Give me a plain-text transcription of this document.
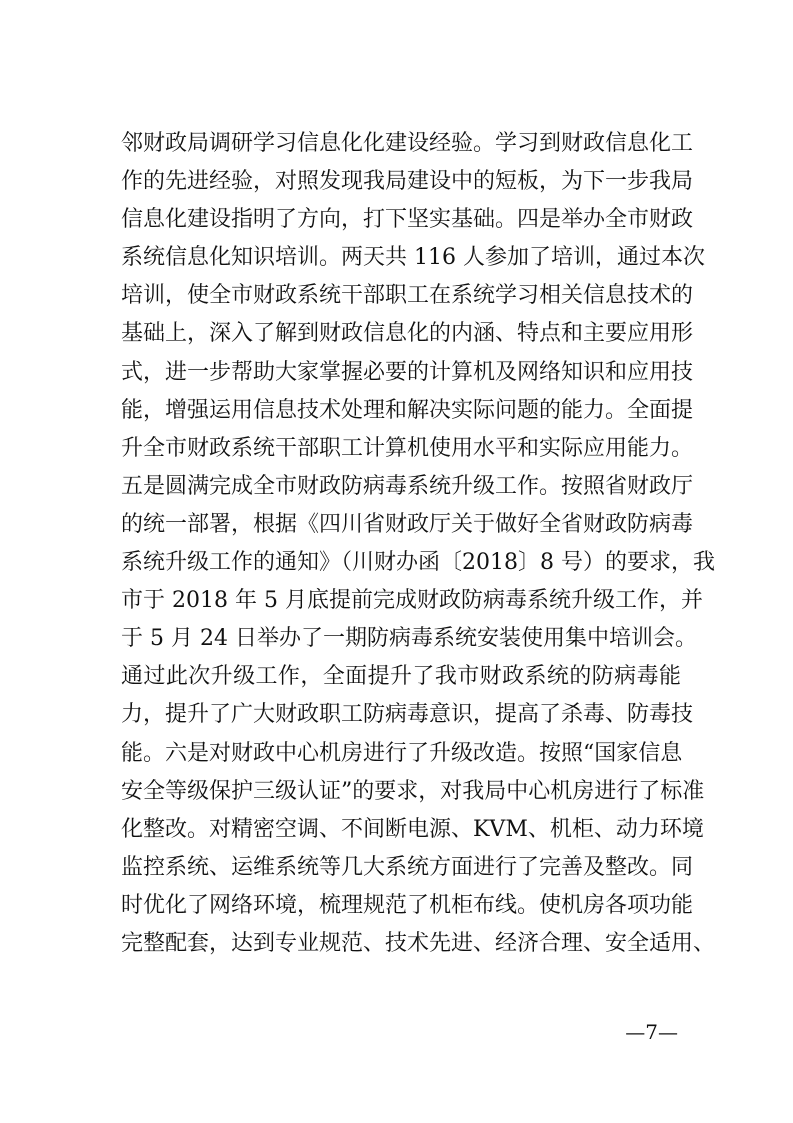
邻财政局调研学习信息化化建设经验。学习到财政信息化工
作的先进经验，对照发现我局建设中的短板，为下一步我局
信息化建设指明了方向，打下坚实基础。四是举办全市财政
系统信息化知识培训。两天共 116 人参加了培训，通过本次
培训，使全市财政系统干部职工在系统学习相关信息技术的
基础上，深入了解到财政信息化的内涵、特点和主要应用形
式，进一步帮助大家掌握必要的计算机及网络知识和应用技
能，增强运用信息技术处理和解决实际问题的能力。全面提
升全市财政系统干部职工计算机使用水平和实际应用能力。
五是圆满完成全市财政防病毒系统升级工作。按照省财政厅
的统一部署，根据《四川省财政厅关于做好全省财政防病毒
系统升级工作的通知》（川财办函〔2018〕8 号）的要求，我
市于 2018 年 5 月底提前完成财政防病毒系统升级工作，并
于 5 月 24 日举办了一期防病毒系统安装使用集中培训会。
通过此次升级工作，全面提升了我市财政系统的防病毒能
力，提升了广大财政职工防病毒意识，提高了杀毒、防毒技
能。六是对财政中心机房进行了升级改造。按照“国家信息
安全等级保护三级认证”的要求，对我局中心机房进行了标准
化整改。对精密空调、不间断电源、KVM、机柜、动力环境
监控系统、运维系统等几大系统方面进行了完善及整改。同
时优化了网络环境，梳理规范了机柜布线。使机房各项功能
完整配套，达到专业规范、技术先进、经济合理、安全适用、
—7—
